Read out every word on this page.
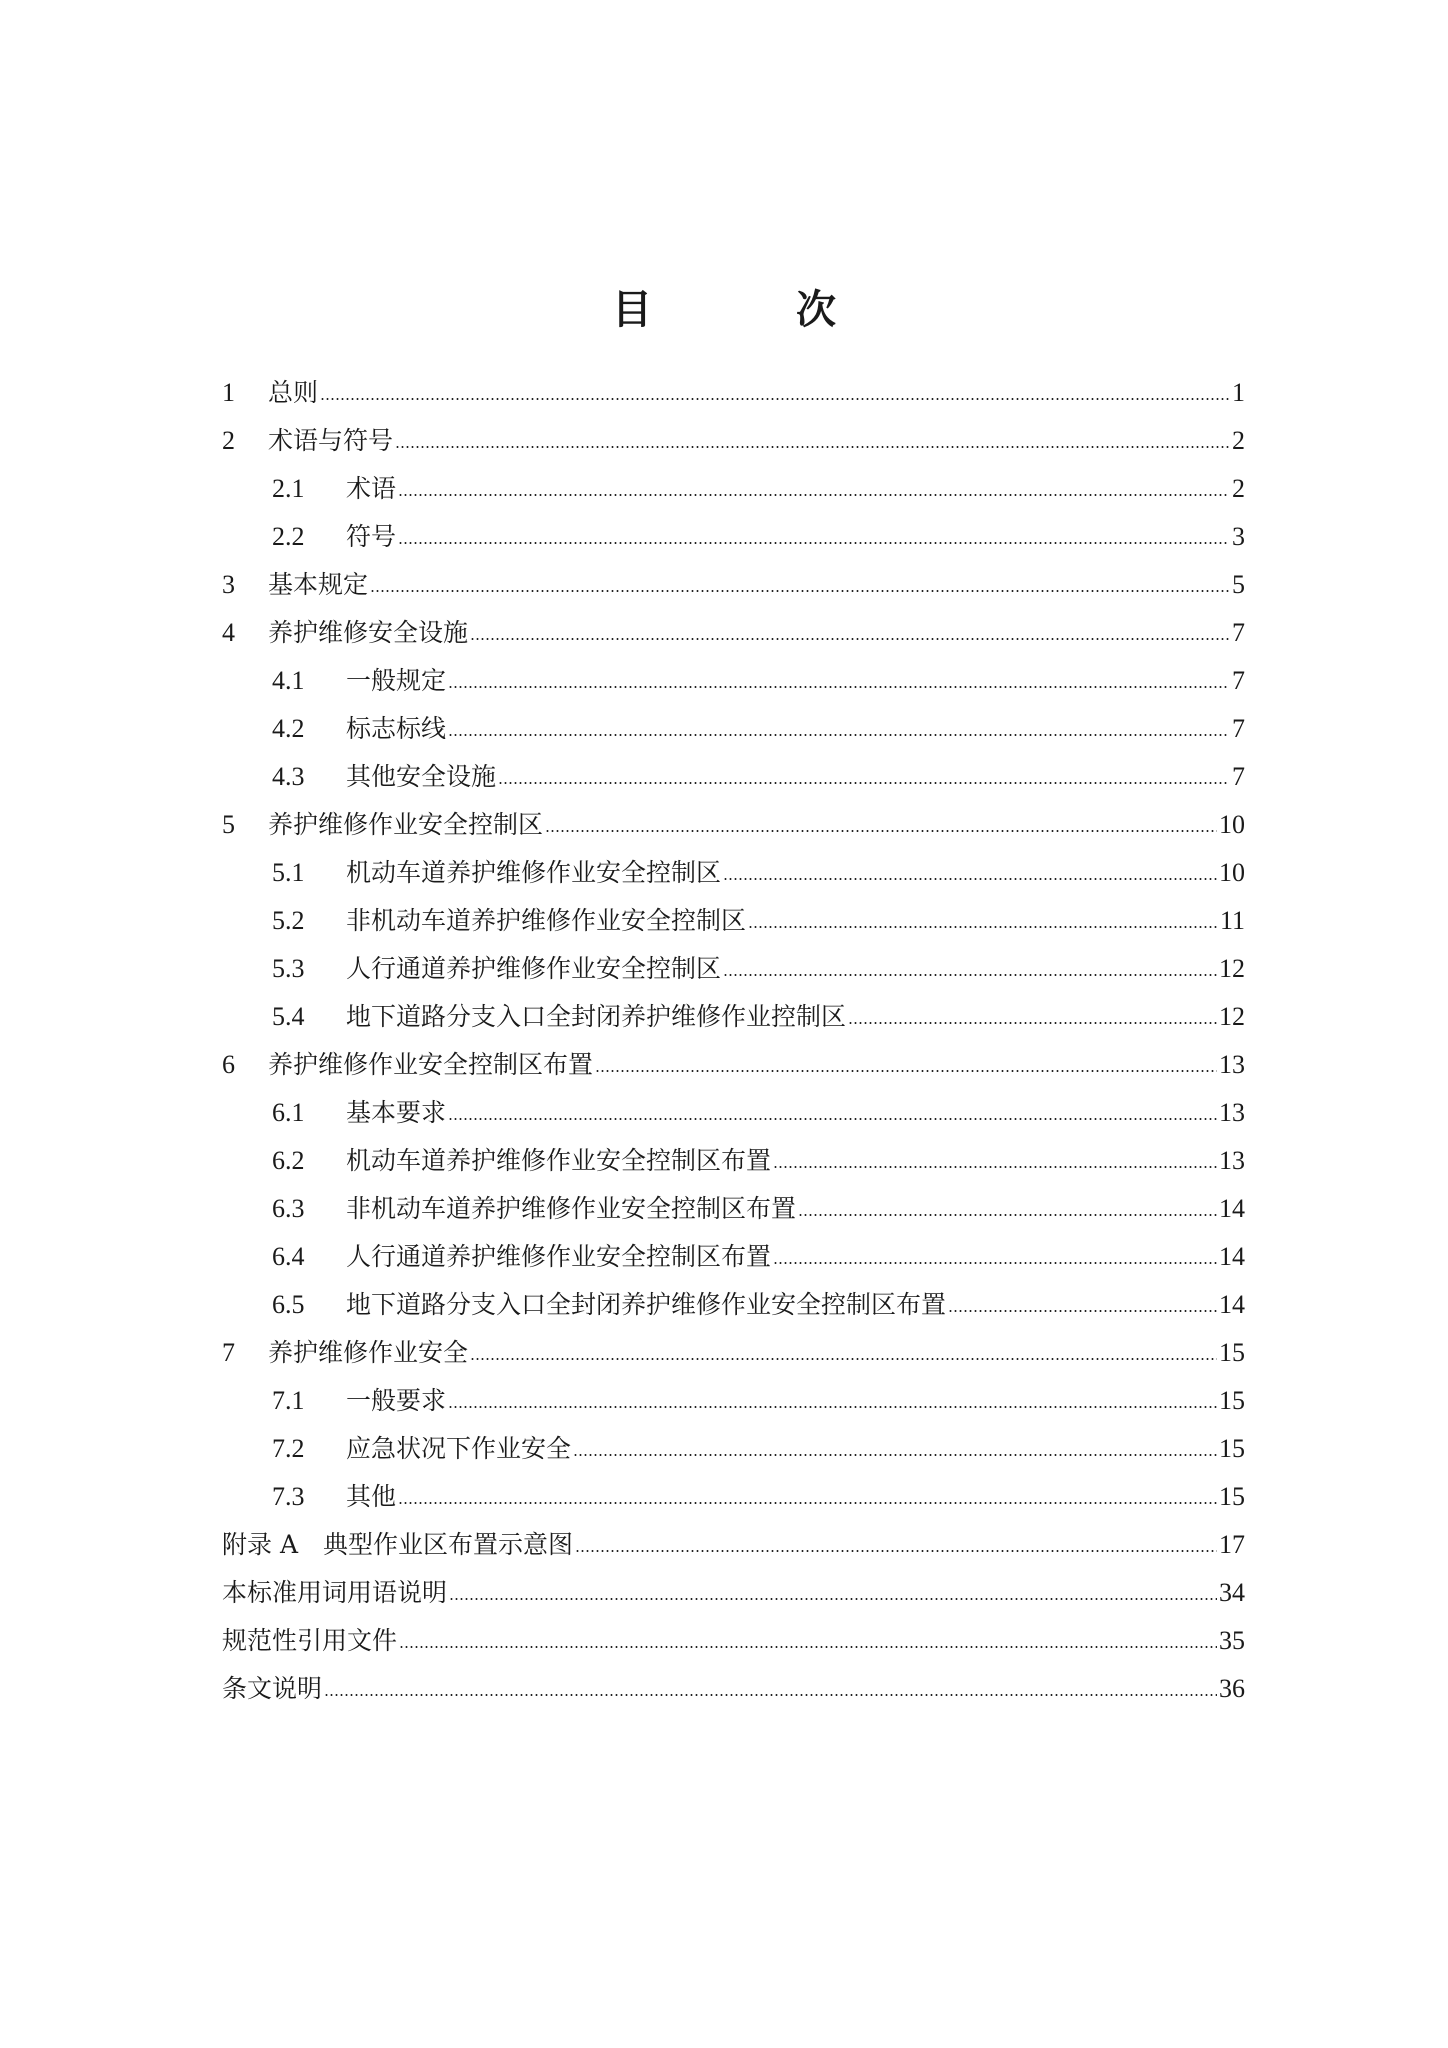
目　次
1	总则	1
2	术语与符号	2
2.1	术语	2
2.2	符号	3
3	基本规定	5
4	养护维修安全设施	7
4.1	一般规定	7
4.2	标志标线	7
4.3	其他安全设施	7
5	养护维修作业安全控制区	10
5.1	机动车道养护维修作业安全控制区	10
5.2	非机动车道养护维修作业安全控制区	11
5.3	人行通道养护维修作业安全控制区	12
5.4	地下道路分支入口全封闭养护维修作业控制区	12
6	养护维修作业安全控制区布置	13
6.1	基本要求	13
6.2	机动车道养护维修作业安全控制区布置	13
6.3	非机动车道养护维修作业安全控制区布置	14
6.4	人行通道养护维修作业安全控制区布置	14
6.5	地下道路分支入口全封闭养护维修作业安全控制区布置	14
7	养护维修作业安全	15
7.1	一般要求	15
7.2	应急状况下作业安全	15
7.3	其他	15
附录 A　典型作业区布置示意图	17
本标准用词用语说明	34
规范性引用文件	35
条文说明	36
